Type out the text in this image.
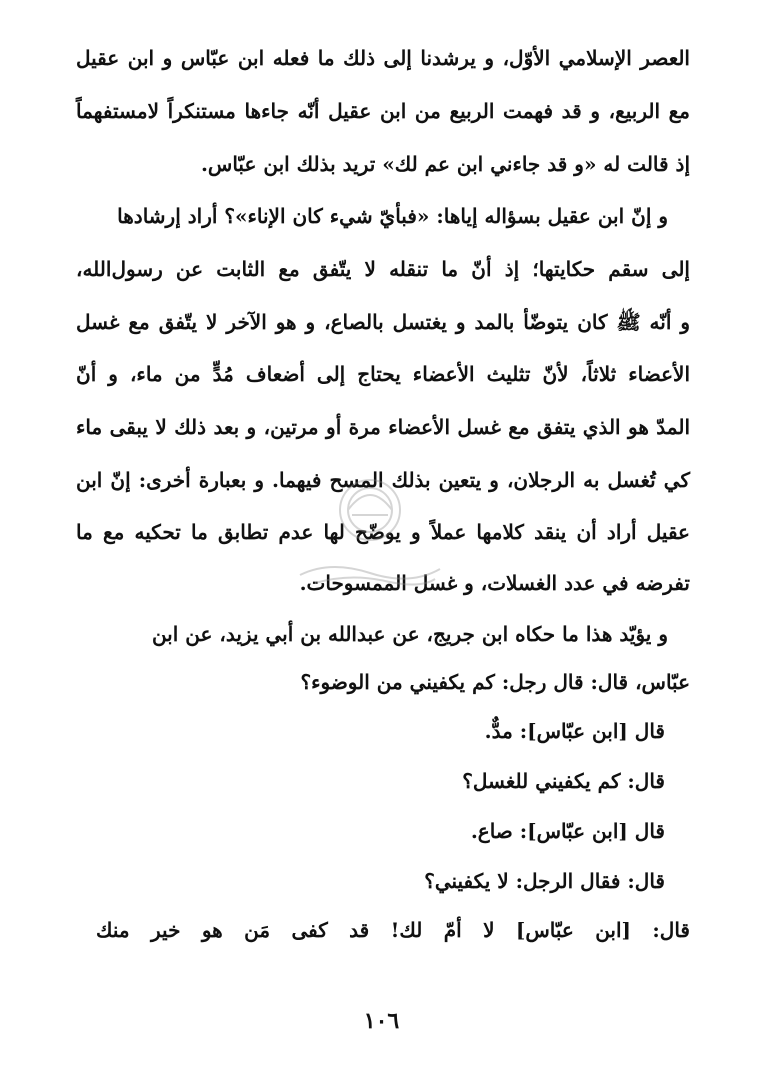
العصر الإسلامي الأوّل، و يرشدنا إلى ذلك ما فعله ابن عبّاس و ابن عقيل
مع الربيع، و قد فهمت الربيع من ابن عقيل أنّه جاءها مستنكراً لامستفهماً
إذ قالت له «و قد جاءني ابن عم لك» تريد بذلك ابن عبّاس.
و إنّ ابن عقيل بسؤاله إياها: «فبأيّ شيء كان الإناء»؟ أراد إرشادها
إلى سقم حكايتها؛ إذ أنّ ما تنقله لا يتّفق مع الثابت عن رسول‌الله،
و أنّه ﷺ كان يتوضّأ بالمد و يغتسل بالصاع، و هو الآخر لا يتّفق مع غسل
الأعضاء ثلاثاً، لأنّ تثليث الأعضاء يحتاج إلى أضعاف مُدٍّ من ماء، و أنّ
المدّ هو الذي يتفق مع غسل الأعضاء مرة أو مرتين، و بعد ذلك لا يبقى ماء
كي تُغسل به الرجلان، و يتعين بذلك المسح فيهما. و بعبارة أخرى: إنّ ابن
عقيل أراد أن ينقد كلامها عملاً و يوضّح لها عدم تطابق ما تحكيه مع ما
تفرضه في عدد الغسلات، و غسل الممسوحات.
و يؤيّد هذا ما حكاه ابن جريج، عن عبدالله بن أبي يزيد، عن ابن
عبّاس، قال: قال رجل: كم يكفيني من الوضوء؟
قال [ابن عبّاس]: مدٌّ.
قال: كم يكفيني للغسل؟
قال [ابن عبّاس]: صاع.
قال: فقال الرجل: لا يكفيني؟
قال: [ابن عبّاس] لا أمّ لك! قد كفى مَن هو خير منك
١٠٦
